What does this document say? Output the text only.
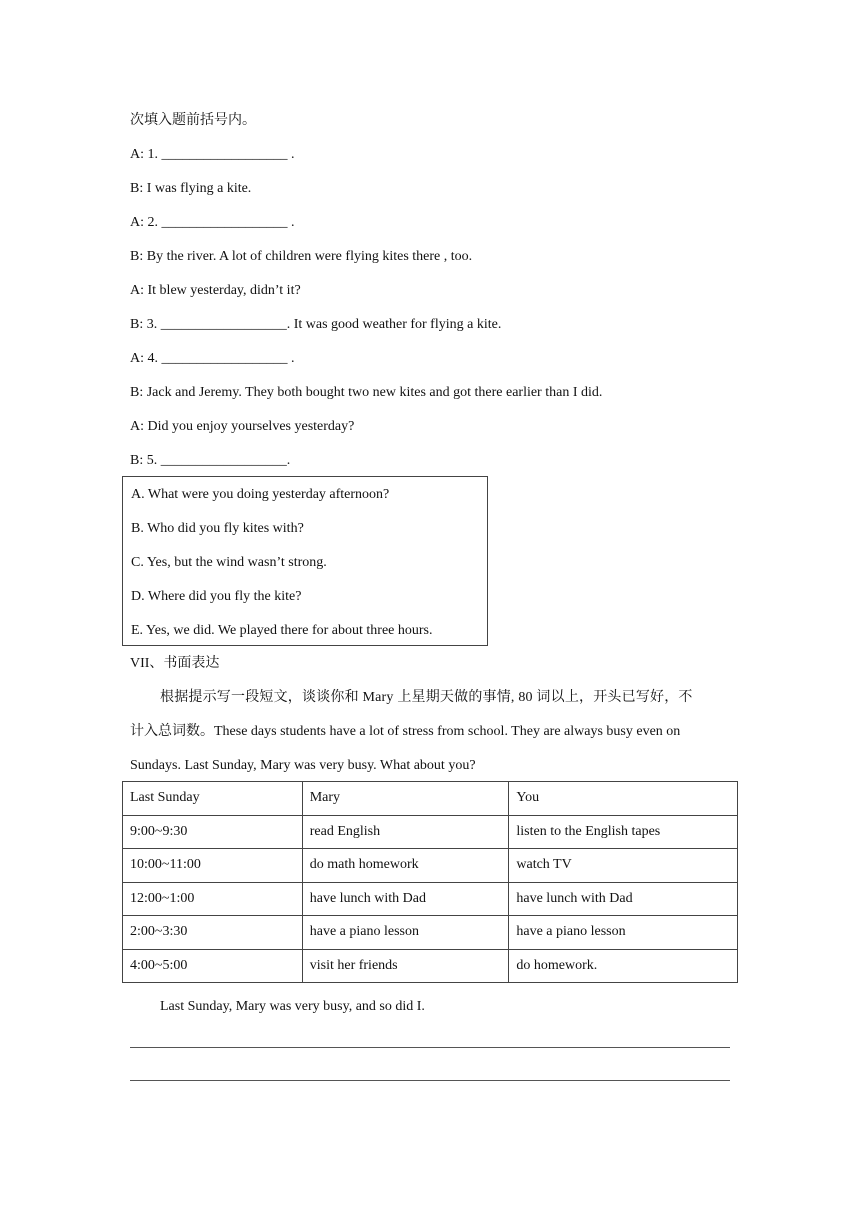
次填入题前括号内。
A: 1. __________________ .
B: I was flying a kite.
A: 2. __________________ .
B: By the river. A lot of children were flying kites there , too.
A: It blew yesterday, didn’t it?
B: 3. __________________. It was good weather for flying a kite.
A: 4. __________________ .
B: Jack and Jeremy. They both bought two new kites and got there earlier than I did.
A: Did you enjoy yourselves yesterday?
B: 5. __________________.
A. What were you doing yesterday afternoon?
B. Who did you fly kites with?
C. Yes, but the wind wasn’t strong.
D. Where did you fly the kite?
E. Yes, we did. We played there for about three hours.
VII、书面表达
根据提示写一段短文，谈谈你和 Mary 上星期天做的事情, 80 词以上，开头已写好，不
计入总词数。These days students have a lot of stress from school. They are always busy even on
Sundays. Last Sunday, Mary was very busy. What about you?
Last Sunday	Mary	You
9:00~9:30	read English	listen to the English tapes
10:00~11:00	do math homework	watch TV
12:00~1:00	have lunch with Dad	have lunch with Dad
2:00~3:30	have a piano lesson	have a piano lesson
4:00~5:00	visit her friends	do homework.
Last Sunday, Mary was very busy, and so did I.
